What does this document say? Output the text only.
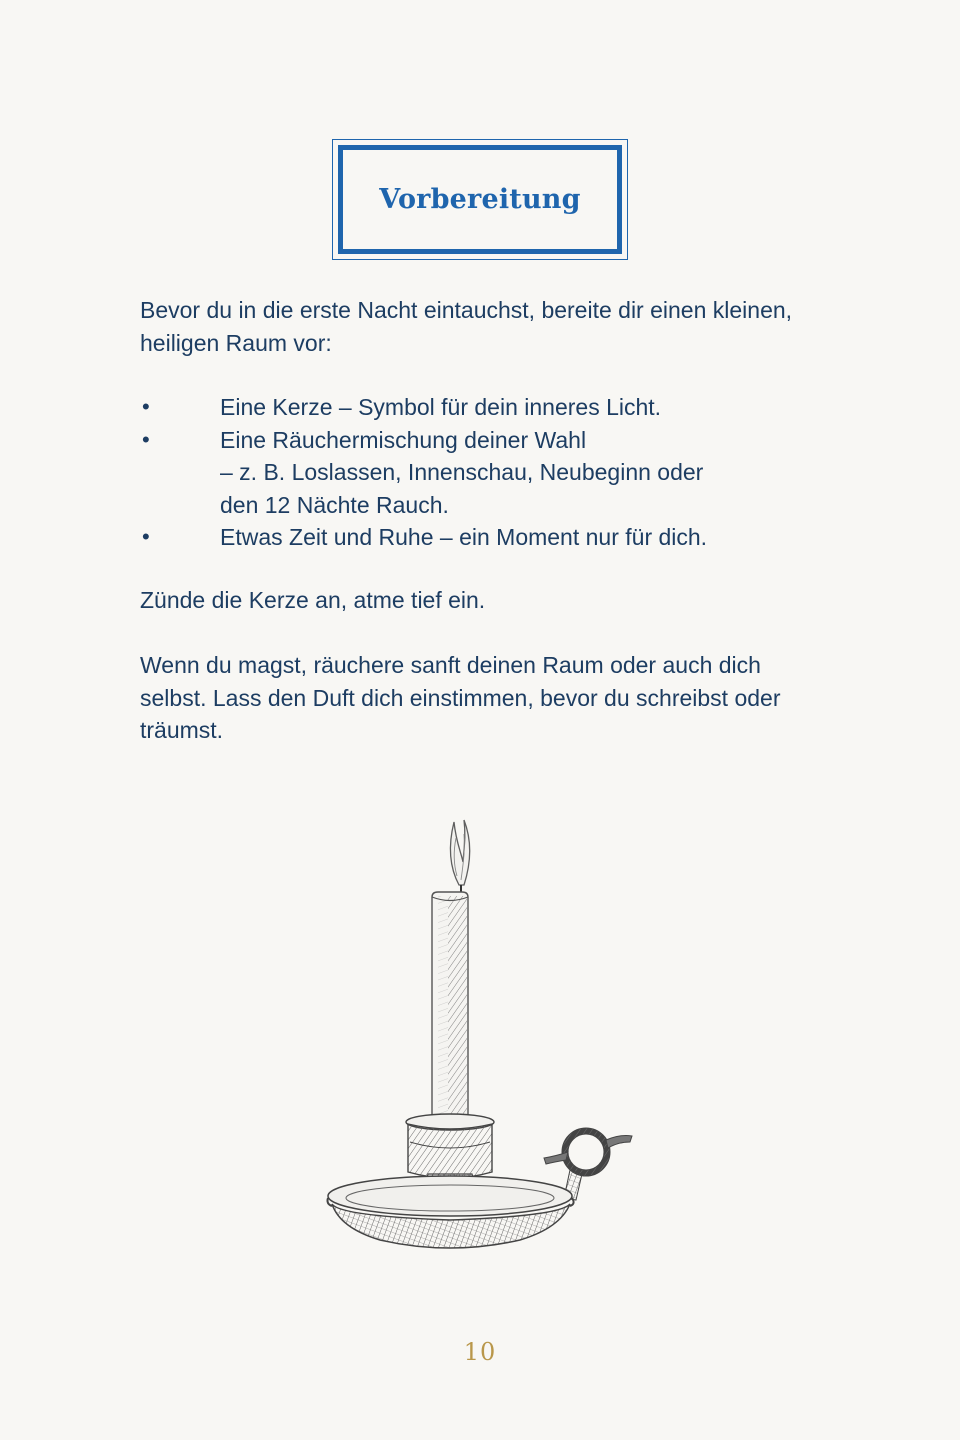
Vorbereitung

Bevor du in die erste Nacht eintauchst, bereite dir einen kleinen, heiligen Raum vor:

•	Eine Kerze – Symbol für dein inneres Licht.
•	Eine Räuchermischung deiner Wahl
– z. B. Loslassen, Innenschau, Neubeginn oder
den 12 Nächte Rauch.
•	Etwas Zeit und Ruhe – ein Moment nur für dich.

Zünde die Kerze an, atme tief ein.

Wenn du magst, räuchere sanft deinen Raum oder auch dich selbst. Lass den Duft dich einstimmen, bevor du schreibst oder träumst.

10
